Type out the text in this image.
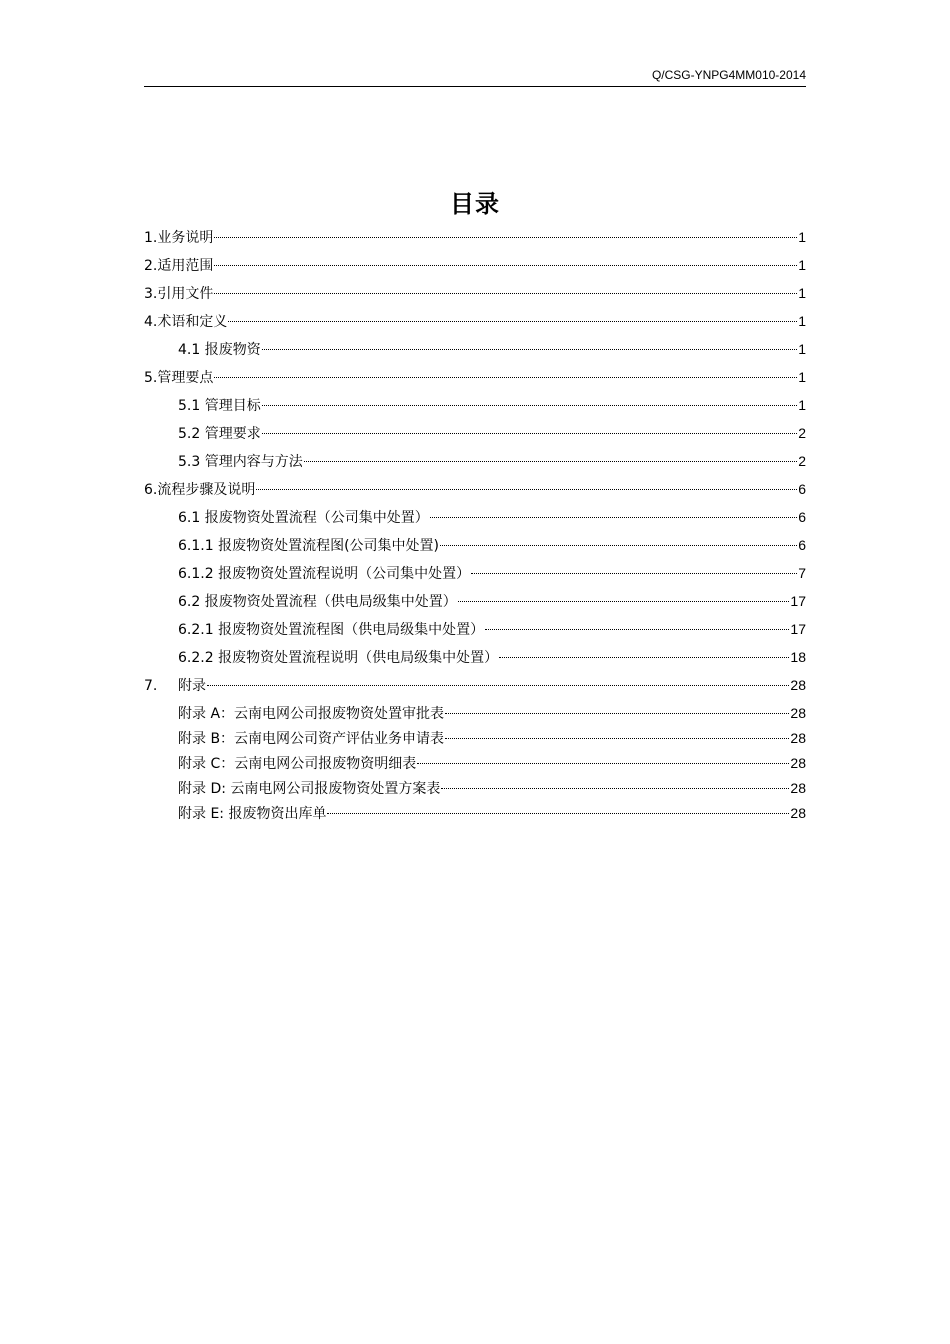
Q/CSG-YNPG4MM010-2014
目录
1.业务说明	1
2.适用范围	1
3.引用文件	1
4.术语和定义	1
4.1 报废物资	1
5.管理要点	1
5.1 管理目标	1
5.2 管理要求	2
5.3 管理内容与方法	2
6.流程步骤及说明	6
6.1 报废物资处置流程（公司集中处置）	6
6.1.1 报废物资处置流程图(公司集中处置)	6
6.1.2 报废物资处置流程说明（公司集中处置）	7
6.2 报废物资处置流程（供电局级集中处置）	17
6.2.1 报废物资处置流程图（供电局级集中处置）	17
6.2.2 报废物资处置流程说明（供电局级集中处置）	18
7. 附录	28
附录 A：云南电网公司报废物资处置审批表	28
附录 B：云南电网公司资产评估业务申请表	28
附录 C：云南电网公司报废物资明细表	28
附录 D: 云南电网公司报废物资处置方案表	28
附录 E: 报废物资出库单	28
